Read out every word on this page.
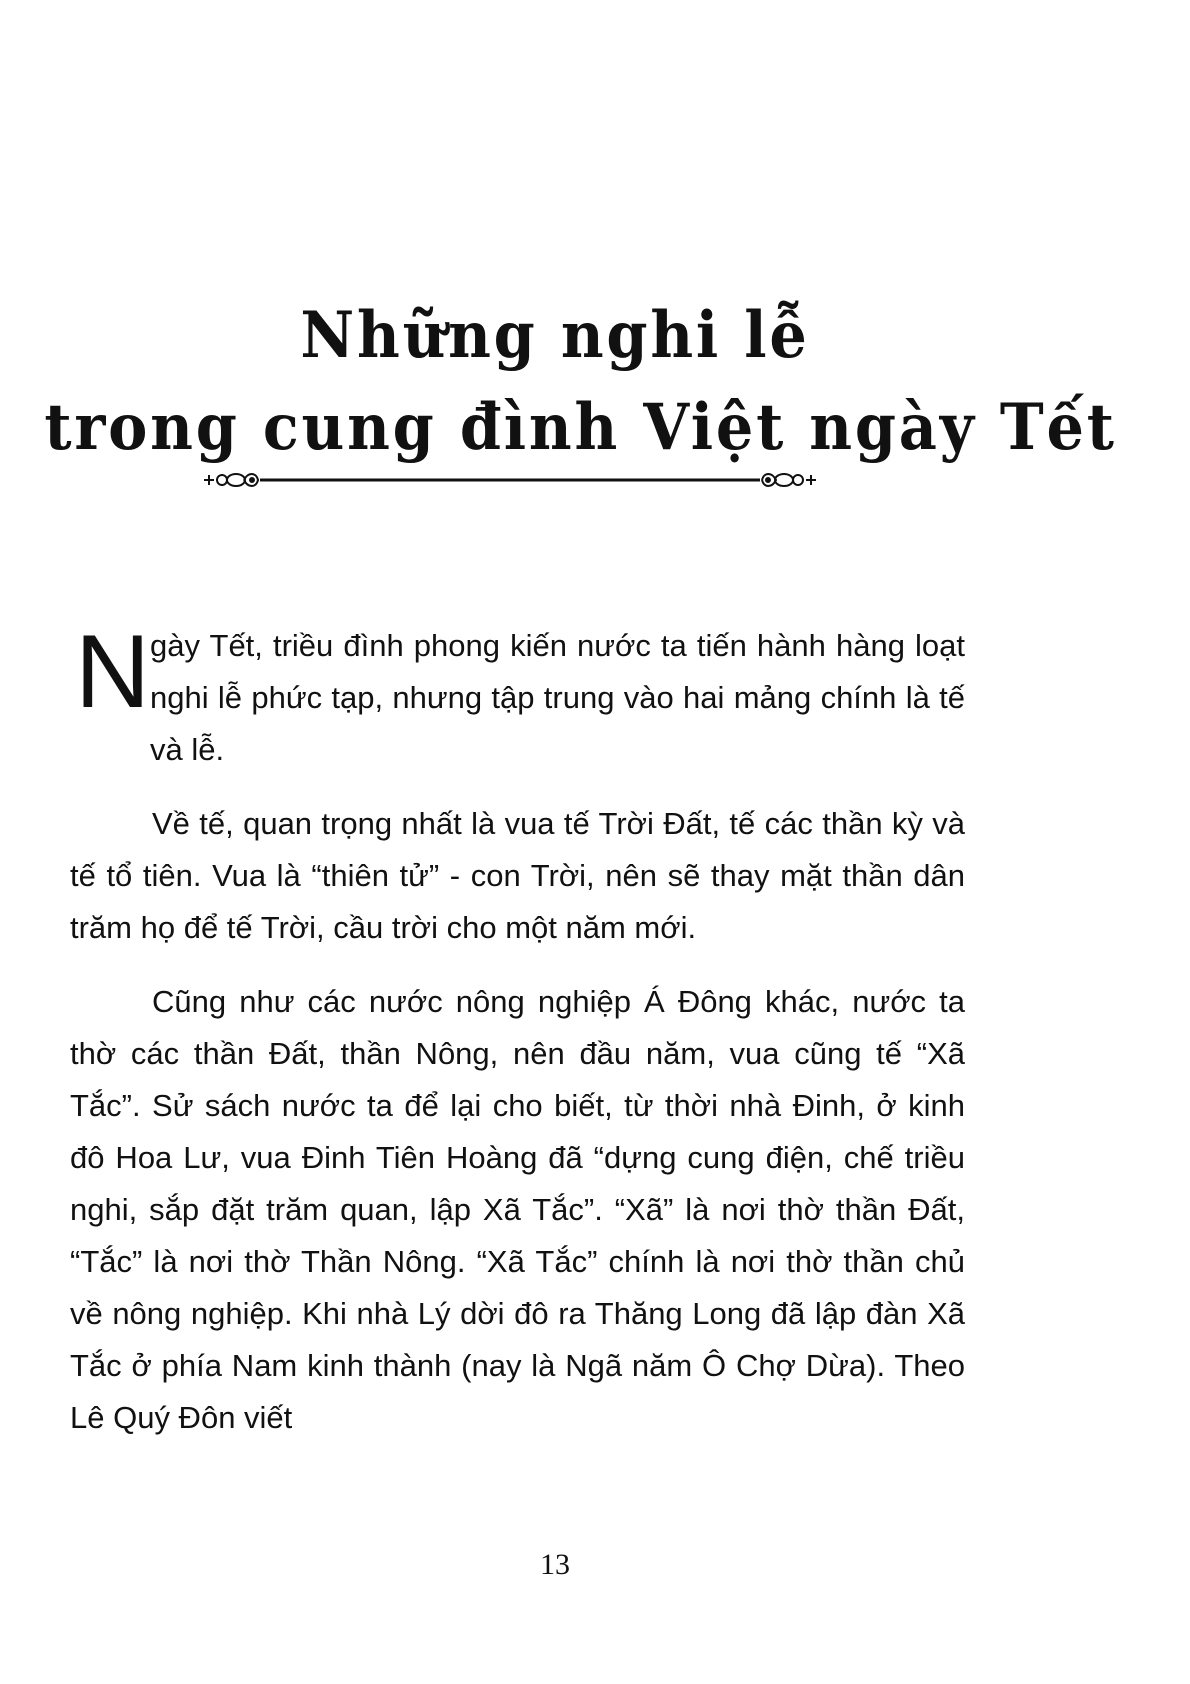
Những nghi lễ
trong cung đình Việt ngày Tết
N gày Tết, triều đình phong kiến nước ta tiến hành hàng loạt nghi lễ phức tạp, nhưng tập trung vào hai mảng chính là tế và lễ.

Về tế, quan trọng nhất là vua tế Trời Đất, tế các thần kỳ và tế tổ tiên. Vua là “thiên tử” - con Trời, nên sẽ thay mặt thần dân trăm họ để tế Trời, cầu trời cho một năm mới.

Cũng như các nước nông nghiệp Á Đông khác, nước ta thờ các thần Đất, thần Nông, nên đầu năm, vua cũng tế “Xã Tắc”. Sử sách nước ta để lại cho biết, từ thời nhà Đinh, ở kinh đô Hoa Lư, vua Đinh Tiên Hoàng đã “dựng cung điện, chế triều nghi, sắp đặt trăm quan, lập Xã Tắc”. “Xã” là nơi thờ thần Đất, “Tắc” là nơi thờ Thần Nông. “Xã Tắc” chính là nơi thờ thần chủ về nông nghiệp. Khi nhà Lý dời đô ra Thăng Long đã lập đàn Xã Tắc ở phía Nam kinh thành (nay là Ngã năm Ô Chợ Dừa). Theo Lê Quý Đôn viết

13
